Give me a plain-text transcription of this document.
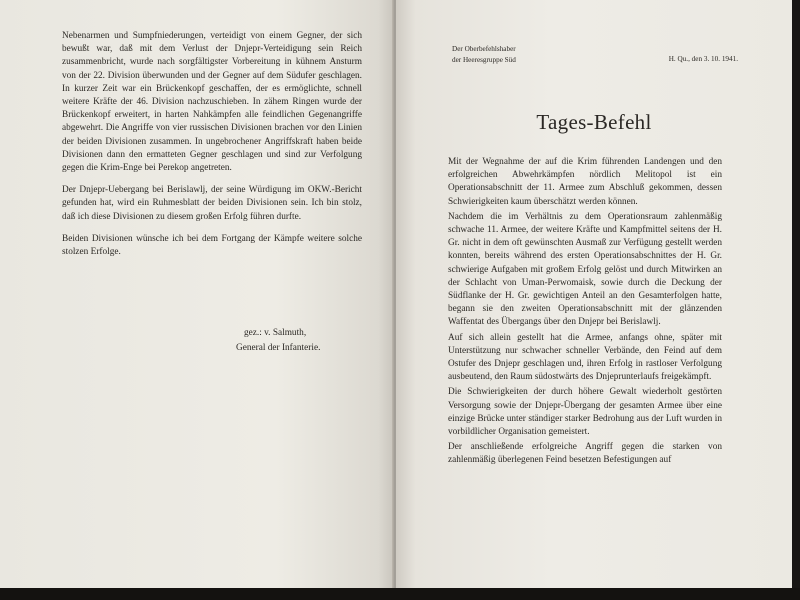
Nebenarmen und Sumpfniederungen, verteidigt von einem Gegner, der sich bewußt war, daß mit dem Verlust der Dnjepr-Verteidigung sein Reich zusammenbricht, wurde nach sorgfältigster Vorbereitung in kühnem Ansturm von der 22. Division überwunden und der Gegner auf dem Südufer geschlagen. In kurzer Zeit war ein Brückenkopf geschaffen, der es ermöglichte, schnell weitere Kräfte der 46. Division nachzuschieben. In zähem Ringen wurde der Brückenkopf erweitert, in harten Nahkämpfen alle feindlichen Gegenangriffe abgewehrt. Die Angriffe von vier russischen Divisionen brachen vor den Linien der beiden Divisionen zusammen. In ungebrochener Angriffskraft haben beide Divisionen dann den ermatteten Gegner geschlagen und sind zur Verfolgung gegen die Krim-Enge bei Perekop angetreten.

Der Dnjepr-Uebergang bei Berislawlj, der seine Würdigung im OKW.-Bericht gefunden hat, wird ein Ruhmesblatt der beiden Divisionen sein. Ich bin stolz, daß ich diese Divisionen zu diesem großen Erfolg führen durfte.

Beiden Divisionen wünsche ich bei dem Fortgang der Kämpfe weitere solche stolzen Erfolge.

gez.: v. Salmuth,
General der Infanterie.
Der Oberbefehlshaber
der Heeresgruppe Süd	H. Qu., den 3. 10. 1941.
Tages-Befehl

Mit der Wegnahme der auf die Krim führenden Landengen und den erfolgreichen Abwehrkämpfen nördlich Melitopol ist ein Operationsabschnitt der 11. Armee zum Abschluß gekommen, dessen Schwierigkeiten kaum überschätzt werden können.

Nachdem die im Verhältnis zu dem Operationsraum zahlenmäßig schwache 11. Armee, der weitere Kräfte und Kampfmittel seitens der H. Gr. nicht in dem oft gewünschten Ausmaß zur Verfügung gestellt werden konnten, bereits während des ersten Operationsabschnittes der H. Gr. schwierige Aufgaben mit großem Erfolg gelöst und durch Mitwirken an der Schlacht von Uman-Perwomaisk, sowie durch die Deckung der Südflanke der H. Gr. gewichtigen Anteil an den Gesamterfolgen hatte, begann sie den zweiten Operationsabschnitt mit der glänzenden Waffentat des Übergangs über den Dnjepr bei Berislawlj.

Auf sich allein gestellt hat die Armee, anfangs ohne, später mit Unterstützung nur schwacher schneller Verbände, den Feind auf dem Ostufer des Dnjepr geschlagen und, ihren Erfolg in rastloser Verfolgung ausbeutend, den Raum südostwärts des Dnjeprunterlaufs freigekämpft.

Die Schwierigkeiten der durch höhere Gewalt wiederholt gestörten Versorgung sowie der Dnjepr-Übergang der gesamten Armee über eine einzige Brücke unter ständiger starker Bedrohung aus der Luft wurden in vorbildlicher Organisation gemeistert.

Der anschließende erfolgreiche Angriff gegen die starken von zahlenmäßig überlegenen Feind besetzen Befestigungen auf
